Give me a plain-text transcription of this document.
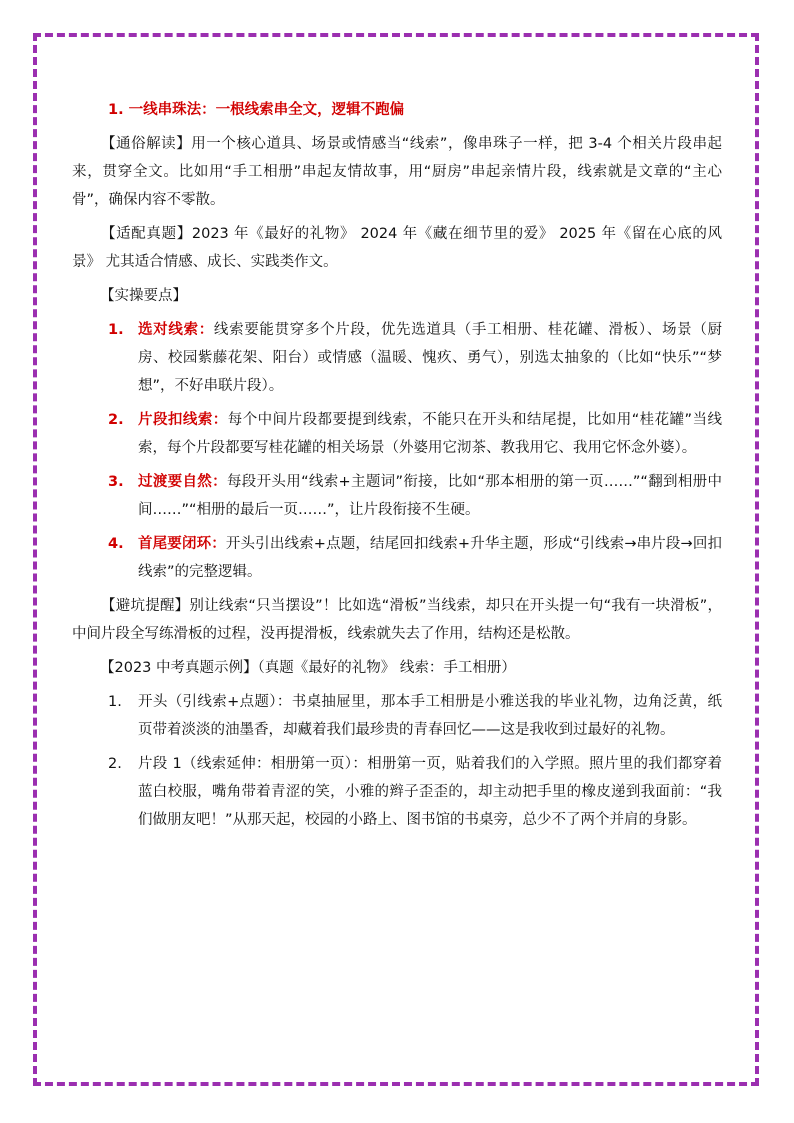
1. 一线串珠法：一根线索串全文，逻辑不跑偏
【通俗解读】用一个核心道具、场景或情感当“线索”，像串珠子一样，把 3-4 个相关片段串起来，贯穿全文。比如用“手工相册”串起友情故事，用“厨房”串起亲情片段，线索就是文章的“主心骨”，确保内容不零散。
【适配真题】2023 年《最好的礼物》 2024 年《藏在细节里的爱》 2025 年《留在心底的风景》 尤其适合情感、成长、实践类作文。
【实操要点】
1. 选对线索：线索要能贯穿多个片段，优先选道具（手工相册、桂花罐、滑板）、场景（厨房、校园紫藤花架、阳台）或情感（温暖、愧疚、勇气），别选太抽象的（比如“快乐”“梦想”，不好串联片段）。
2. 片段扣线索：每个中间片段都要提到线索，不能只在开头和结尾提，比如用“桂花罐”当线索，每个片段都要写桂花罐的相关场景（外婆用它沏茶、教我用它、我用它怀念外婆）。
3. 过渡要自然：每段开头用“线索+主题词”衔接，比如“那本相册的第一页……”“翻到相册中间……”“相册的最后一页……”，让片段衔接不生硬。
4. 首尾要闭环：开头引出线索+点题，结尾回扣线索+升华主题，形成“引线索→串片段→回扣线索”的完整逻辑。
【避坑提醒】别让线索“只当摆设”！比如选“滑板”当线索，却只在开头提一句“我有一块滑板”，中间片段全写练滑板的过程，没再提滑板，线索就失去了作用，结构还是松散。
【2023 中考真题示例】（真题《最好的礼物》 线索：手工相册）
1. 开头（引线索+点题）：书桌抽屉里，那本手工相册是小雅送我的毕业礼物，边角泛黄，纸页带着淡淡的油墨香，却藏着我们最珍贵的青春回忆——这是我收到过最好的礼物。
2. 片段 1（线索延伸：相册第一页）：相册第一页，贴着我们的入学照。照片里的我们都穿着蓝白校服，嘴角带着青涩的笑，小雅的辫子歪歪的，却主动把手里的橡皮递到我面前：“我们做朋友吧！”从那天起，校园的小路上、图书馆的书桌旁，总少不了两个并肩的身影。
